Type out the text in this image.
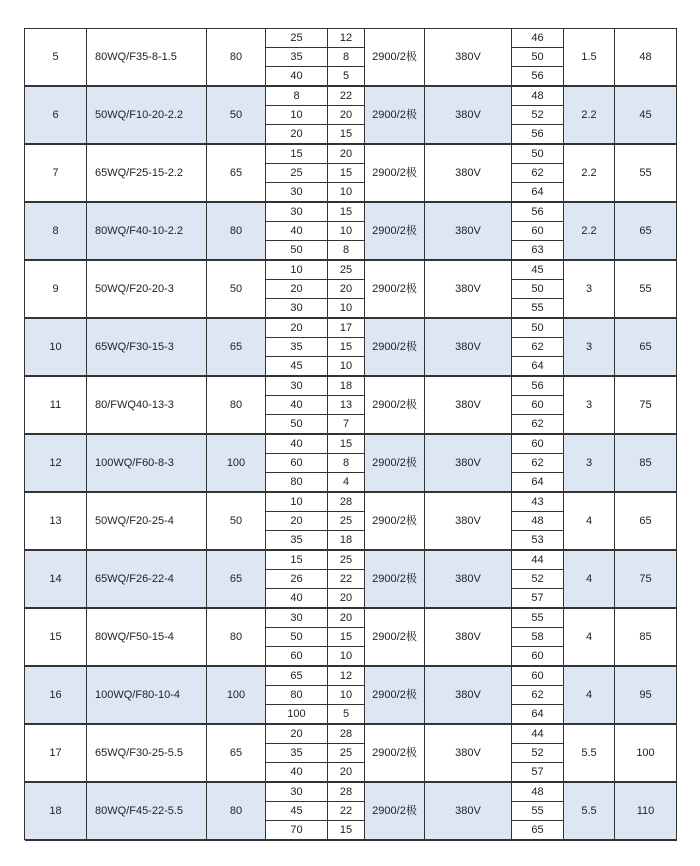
5	80WQ/F35-8-1.5	80	25	12	2900/2极	380V	46	1.5	48
			35	8			50		
			40	5			56		

6	50WQ/F10-20-2.2	50	8	22	2900/2极	380V	48	2.2	45
			10	20			52		
			20	15			56		

7	65WQ/F25-15-2.2	65	15	20	2900/2极	380V	50	2.2	55
			25	15			62		
			30	10			64		

8	80WQ/F40-10-2.2	80	30	15	2900/2极	380V	56	2.2	65
			40	10			60		
			50	8			63		

9	50WQ/F20-20-3	50	10	25	2900/2极	380V	45	3	55
			20	20			50		
			30	10			55		

10	65WQ/F30-15-3	65	20	17	2900/2极	380V	50	3	65
			35	15			62		
			45	10			64		

11	80/FWQ40-13-3	80	30	18	2900/2极	380V	56	3	75
			40	13			60		
			50	7			62		

12	100WQ/F60-8-3	100	40	15	2900/2极	380V	60	3	85
			60	8			62		
			80	4			64		

13	50WQ/F20-25-4	50	10	28	2900/2极	380V	43	4	65
			20	25			48		
			35	18			53		

14	65WQ/F26-22-4	65	15	25	2900/2极	380V	44	4	75
			26	22			52		
			40	20			57		

15	80WQ/F50-15-4	80	30	20	2900/2极	380V	55	4	85
			50	15			58		
			60	10			60		

16	100WQ/F80-10-4	100	65	12	2900/2极	380V	60	4	95
			80	10			62		
			100	5			64		

17	65WQ/F30-25-5.5	65	20	28	2900/2极	380V	44	5.5	100
			35	25			52		
			40	20			57		

18	80WQ/F45-22-5.5	80	30	28	2900/2极	380V	48	5.5	110
			45	22			55		
			70	15			65		
